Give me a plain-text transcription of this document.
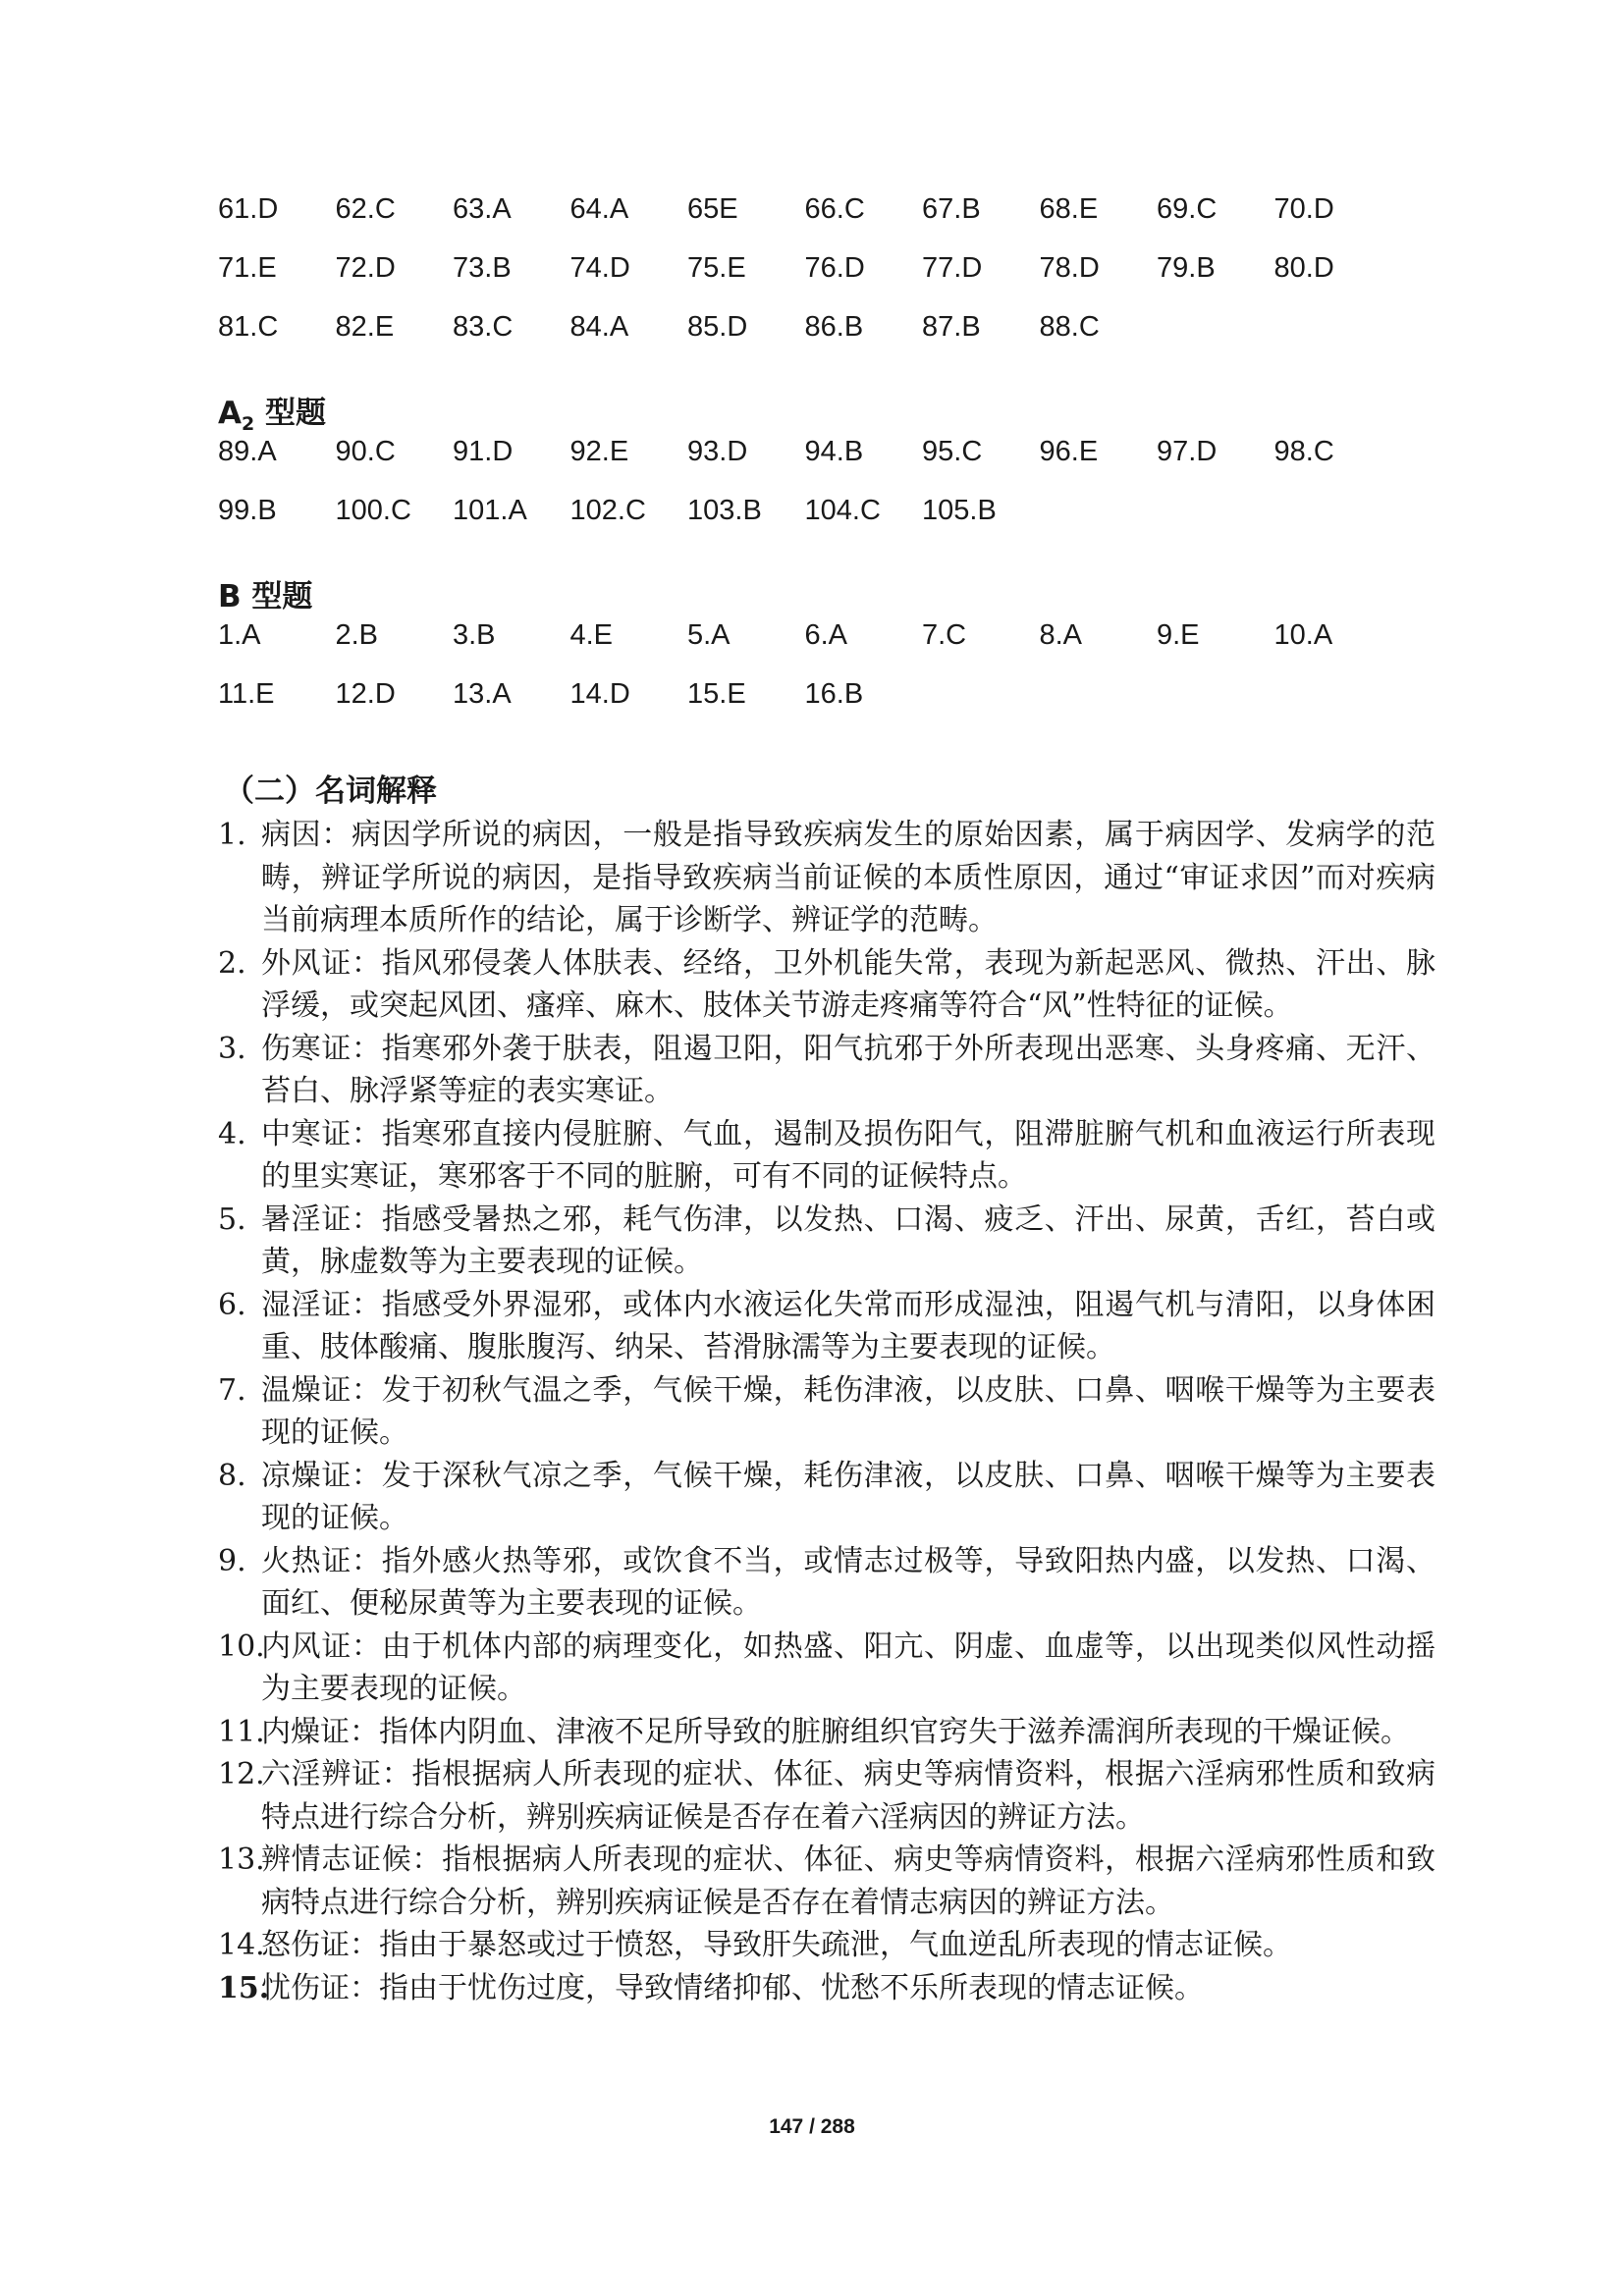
61.D	62.C	63.A	64.A	65E	66.C	67.B	68.E	69.C	70.D
71.E	72.D	73.B	74.D	75.E	76.D	77.D	78.D	79.B	80.D
81.C	82.E	83.C	84.A	85.D	86.B	87.B	88.C
$A_2$ 型题
89.A	90.C	91.D	92.E	93.D	94.B	95.C	96.E	97.D	98.C
99.B	100.C	101.A	102.C	103.B	104.C	105.B
B 型题
1.A	2.B	3.B	4.E	5.A	6.A	7.C	8.A	9.E	10.A
11.E	12.D	13.A	14.D	15.E	16.B
（二）名词解释
1. 病因：病因学所说的病因，一般是指导致疾病发生的原始因素，属于病因学、发病学的范畴，辨证学所说的病因，是指导致疾病当前证候的本质性原因，通过“审证求因”而对疾病当前病理本质所作的结论，属于诊断学、辨证学的范畴。
2. 外风证：指风邪侵袭人体肤表、经络，卫外机能失常，表现为新起恶风、微热、汗出、脉浮缓，或突起风团、瘙痒、麻木、肢体关节游走疼痛等符合“风”性特征的证候。
3. 伤寒证：指寒邪外袭于肤表，阻遏卫阳，阳气抗邪于外所表现出恶寒、头身疼痛、无汗、苔白、脉浮紧等症的表实寒证。
4. 中寒证：指寒邪直接内侵脏腑、气血，遏制及损伤阳气，阻滞脏腑气机和血液运行所表现的里实寒证，寒邪客于不同的脏腑，可有不同的证候特点。
5. 暑淫证：指感受暑热之邪，耗气伤津，以发热、口渴、疲乏、汗出、尿黄，舌红，苔白或黄，脉虚数等为主要表现的证候。
6. 湿淫证：指感受外界湿邪，或体内水液运化失常而形成湿浊，阻遏气机与清阳，以身体困重、肢体酸痛、腹胀腹泻、纳呆、苔滑脉濡等为主要表现的证候。
7. 温燥证：发于初秋气温之季，气候干燥，耗伤津液，以皮肤、口鼻、咽喉干燥等为主要表现的证候。
8. 凉燥证：发于深秋气凉之季，气候干燥，耗伤津液，以皮肤、口鼻、咽喉干燥等为主要表现的证候。
9. 火热证：指外感火热等邪，或饮食不当，或情志过极等，导致阳热内盛，以发热、口渴、面红、便秘尿黄等为主要表现的证候。
10.
内风证：由于机体内部的病理变化，如热盛、阳亢、阴虚、血虚等，以出现类似风性动摇为主要表现的证候。
11.
内燥证：指体内阴血、津液不足所导致的脏腑组织官窍失于滋养濡润所表现的干燥证候。
12.
六淫辨证：指根据病人所表现的症状、体征、病史等病情资料，根据六淫病邪性质和致病特点进行综合分析，辨别疾病证候是否存在着六淫病因的辨证方法。
13.
辨情志证候：指根据病人所表现的症状、体征、病史等病情资料，根据六淫病邪性质和致病特点进行综合分析，辨别疾病证候是否存在着情志病因的辨证方法。
14.
怒伤证：指由于暴怒或过于愤怒，导致肝失疏泄，气血逆乱所表现的情志证候。
15.
忧伤证：指由于忧伤过度，导致情绪抑郁、忧愁不乐所表现的情志证候。
147 / 288
